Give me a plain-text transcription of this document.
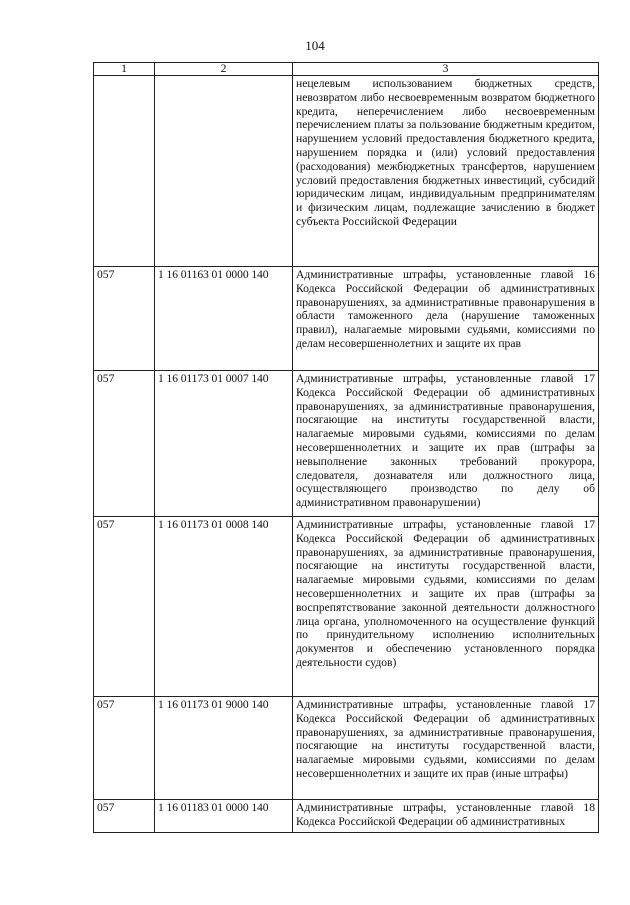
104
1	2	3
		нецелевым использованием бюджетных средств, невозвратом либо несвоевременным возвратом бюджетного кредита, неперечислением либо несвоевременным перечислением платы за пользование бюджетным кредитом, нарушением условий предоставления бюджетного кредита, нарушением порядка и (или) условий предоставления (расходования) межбюджетных трансфертов, нарушением условий предоставления бюджетных инвестиций, субсидий юридическим лицам, индивидуальным предпринимателям и физическим лицам, подлежащие зачислению в бюджет субъекта Российской Федерации
057	1 16 01163 01 0000 140	Административные штрафы, установленные главой 16 Кодекса Российской Федерации об административных правонарушениях, за административные правонарушения в области таможенного дела (нарушение таможенных правил), налагаемые мировыми судьями, комиссиями по делам несовершеннолетних и защите их прав
057	1 16 01173 01 0007 140	Административные штрафы, установленные главой 17 Кодекса Российской Федерации об административных правонарушениях, за административные правонарушения, посягающие на институты государственной власти, налагаемые мировыми судьями, комиссиями по делам несовершеннолетних и защите их прав (штрафы за невыполнение законных требований прокурора, следователя, дознавателя или должностного лица, осуществляющего производство по делу об административном правонарушении)
057	1 16 01173 01 0008 140	Административные штрафы, установленные главой 17 Кодекса Российской Федерации об административных правонарушениях, за административные правонарушения, посягающие на институты государственной власти, налагаемые мировыми судьями, комиссиями по делам несовершеннолетних и защите их прав (штрафы за воспрепятствование законной деятельности должностного лица органа, уполномоченного на осуществление функций по принудительному исполнению исполнительных документов и обеспечению установленного порядка деятельности судов)
057	1 16 01173 01 9000 140	Административные штрафы, установленные главой 17 Кодекса Российской Федерации об административных правонарушениях, за административные правонарушения, посягающие на институты государственной власти, налагаемые мировыми судьями, комиссиями по делам несовершеннолетних и защите их прав (иные штрафы)
057	1 16 01183 01 0000 140	Административные штрафы, установленные главой 18 Кодекса Российской Федерации об административных
